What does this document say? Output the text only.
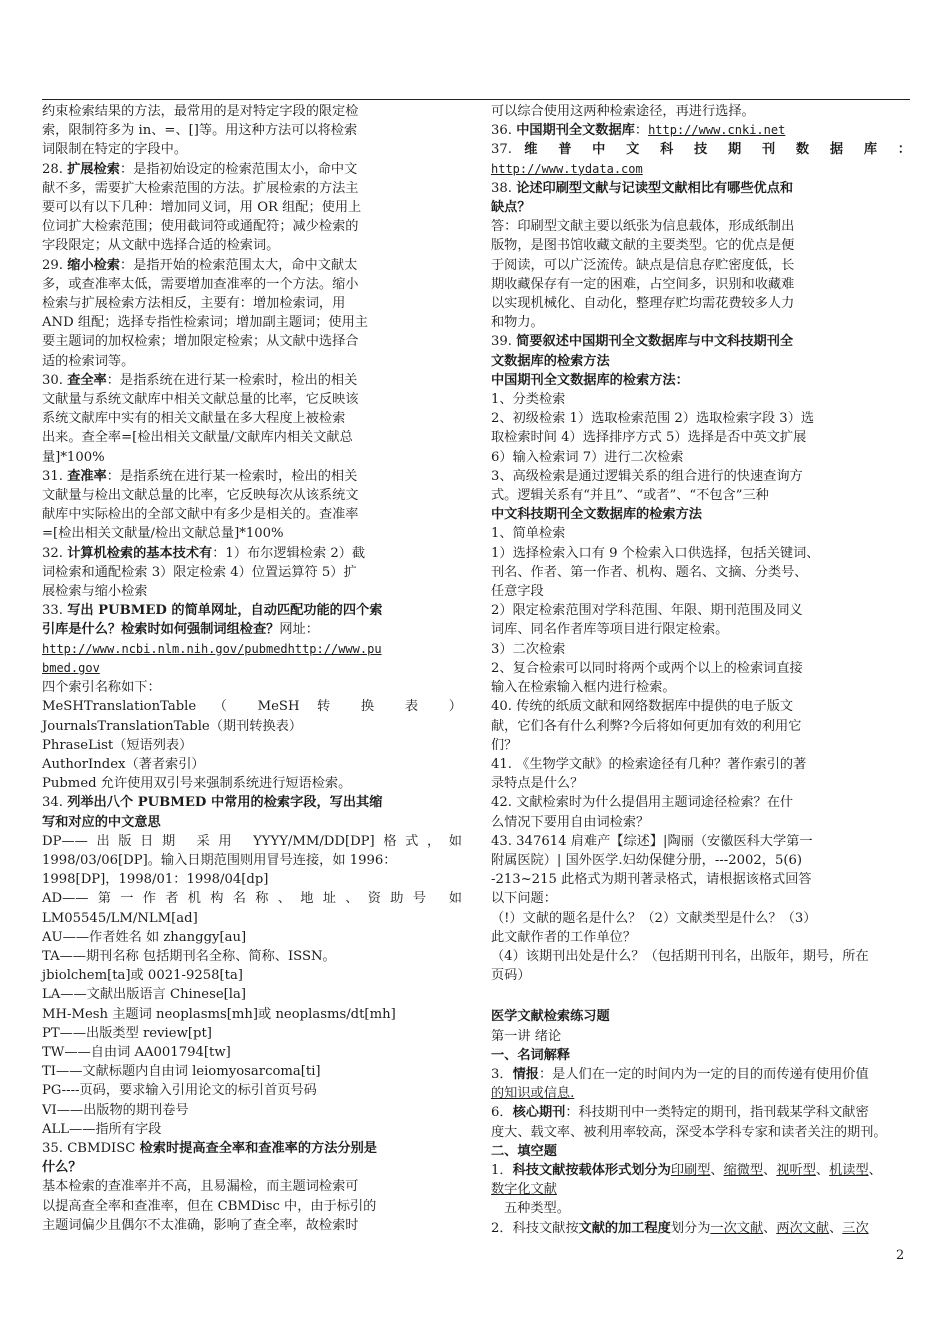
约束检索结果的方法，最常用的是对特定字段的限定检

索，限制符多为 in、=、[]等。用这种方法可以将检索

词限制在特定的字段中。

28. 扩展检索：是指初始设定的检索范围太小，命中文

献不多，需要扩大检索范围的方法。扩展检索的方法主

要可以有以下几种：增加同义词，用 OR 组配；使用上

位词扩大检索范围；使用截词符或通配符；减少检索的

字段限定；从文献中选择合适的检索词。

29. 缩小检索：是指开始的检索范围太大，命中文献太

多，或查准率太低，需要增加查准率的一个方法。缩小

检索与扩展检索方法相反，主要有：增加检索词，用

AND 组配；选择专指性检索词；增加副主题词；使用主

要主题词的加权检索；增加限定检索；从文献中选择合

适的检索词等。

30. 查全率：是指系统在进行某一检索时，检出的相关

文献量与系统文献库中相关文献总量的比率，它反映该

系统文献库中实有的相关文献量在多大程度上被检索

出来。查全率=[检出相关文献量/文献库内相关文献总

量]*100%

31. 查准率：是指系统在进行某一检索时，检出的相关

文献量与检出文献总量的比率，它反映每次从该系统文

献库中实际检出的全部文献中有多少是相关的。查准率

=[检出相关文献量/检出文献总量]*100%

32. 计算机检索的基本技术有：1）布尔逻辑检索 2）截

词检索和通配检索 3）限定检索 4）位置运算符 5）扩

展检索与缩小检索

33. 写出 PUBMED 的简单网址，自动匹配功能的四个索

引库是什么？检索时如何强制词组检查？网址：

http://www.ncbi.nlm.nih.gov/pubmedhttp://www.pu

bmed.gov

四个索引名称如下：

MeSHTranslationTable （ MeSH 转 换 表 ）

JournalsTranslationTable（期刊转换表）

PhraseList（短语列表）

AuthorIndex（著者索引）

Pubmed 允许使用双引号来强制系统进行短语检索。

34. 列举出八个 PUBMED 中常用的检索字段，写出其缩

写和对应的中文意思

DP——出版日期 采用 YYYY/MM/DD[DP]格式，如

1998/03/06[DP]。输入日期范围则用冒号连接，如 1996：

1998[DP]，1998/01：1998/04[dp]

AD——第一作者机构名称、地址、资助号 如

LM05545/LM/NLM[ad]

AU——作者姓名 如 zhanggy[au]

TA——期刊名称 包括期刊名全称、简称、ISSN。

jbiolchem[ta]或 0021-9258[ta]

LA——文献出版语言 Chinese[la]

MH-Mesh 主题词 neoplasms[mh]或 neoplasms/dt[mh]

PT——出版类型 review[pt]

TW——自由词 AA001794[tw]

TI——文献标题内自由词 leiomyosarcoma[ti]

PG----页码，要求输入引用论文的标引首页号码

VI——出版物的期刊卷号

ALL——指所有字段

35. CBMDISC 检索时提高查全率和查准率的方法分别是

什么？

基本检索的查准率并不高，且易漏检，而主题词检索可

以提高查全率和查准率，但在 CBMDisc 中，由于标引的

主题词偏少且偶尔不太准确，影响了查全率，故检索时

可以综合使用这两种检索途径，再进行选择。

36. 中国期刊全文数据库：http://www.cnki.net

37. 维 普 中 文 科 技 期 刊 数 据 库 ：

http://www.tydata.com

38. 论述印刷型文献与记读型文献相比有哪些优点和

缺点？

答：印刷型文献主要以纸张为信息载体，形成纸制出

版物，是图书馆收藏文献的主要类型。它的优点是便

于阅读，可以广泛流传。缺点是信息存贮密度低，长

期收藏保存有一定的困难，占空间多，识别和收藏难

以实现机械化、自动化，整理存贮均需花费较多人力

和物力。

39. 简要叙述中国期刊全文数据库与中文科技期刊全

文数据库的检索方法

中国期刊全文数据库的检索方法：

1、分类检索

2、初级检索 1）选取检索范围 2）选取检索字段 3）选

取检索时间 4）选择排序方式 5）选择是否中英文扩展

6）输入检索词 7）进行二次检索

3、高级检索是通过逻辑关系的组合进行的快速查询方

式。逻辑关系有“并且”、“或者”、“不包含”三种

中文科技期刊全文数据库的检索方法

1、简单检索

1）选择检索入口有 9 个检索入口供选择，包括关键词、

刊名、作者、第一作者、机构、题名、文摘、分类号、

任意字段

2）限定检索范围对学科范围、年限、期刊范围及同义

词库、同名作者库等项目进行限定检索。

3）二次检索

2、复合检索可以同时将两个或两个以上的检索词直接

输入在检索输入框内进行检索。

40. 传统的纸质文献和网络数据库中提供的电子版文

献，它们各有什么利弊?今后将如何更加有效的利用它

们？

41. 《生物学文献》的检索途径有几种？著作索引的著

录特点是什么？

42. 文献检索时为什么提倡用主题词途径检索？在什

么情况下要用自由词检索？

43. 347614 肩难产【综述】|陶丽（安徽医科大学第一

附属医院）| 国外医学.妇幼保健分册，---2002，5(6)

-213~215 此格式为期刊著录格式，请根据该格式回答

以下问题：

（!）文献的题名是什么？（2）文献类型是什么？（3）

此文献作者的工作单位？

（4）该期刊出处是什么？（包括期刊刊名，出版年，期号，所在

页码）

医学文献检索练习题

第一讲 绪论

一、名词解释

3．情报：是人们在一定的时间内为一定的目的而传递有使用价值

的知识或信息.

6．核心期刊：科技期刊中一类特定的期刊，指刊载某学科文献密

度大、载文率、被利用率较高，深受本学科专家和读者关注的期刊。

二、填空题

1．科技文献按载体形式划分为印刷型、缩微型、视听型、机读型、

数字化文献

五种类型。

2．科技文献按文献的加工程度划分为一次文献、两次文献、三次

2
